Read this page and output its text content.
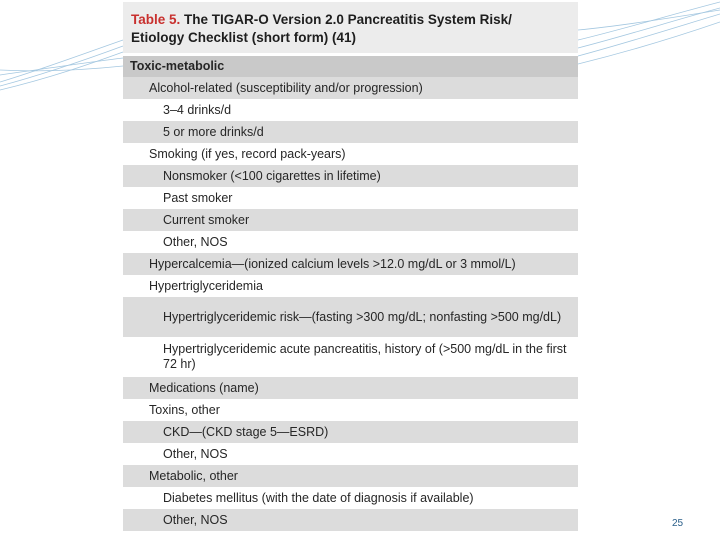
Table 5. The TIGAR-O Version 2.0 Pancreatitis System Risk/
Etiology Checklist (short form) (41)
Toxic-metabolic
Alcohol-related (susceptibility and/or progression)
3–4 drinks/d
5 or more drinks/d
Smoking (if yes, record pack-years)
Nonsmoker (<100 cigarettes in lifetime)
Past smoker
Current smoker
Other, NOS
Hypercalcemia—(ionized calcium levels >12.0 mg/dL or 3 mmol/L)
Hypertriglyceridemia
Hypertriglyceridemic risk—(fasting >300 mg/dL; nonfasting >500 mg/dL)
Hypertriglyceridemic acute pancreatitis, history of (>500 mg/dL in the first 72 hr)
Medications (name)
Toxins, other
CKD—(CKD stage 5—ESRD)
Other, NOS
Metabolic, other
Diabetes mellitus (with the date of diagnosis if available)
Other, NOS	25
